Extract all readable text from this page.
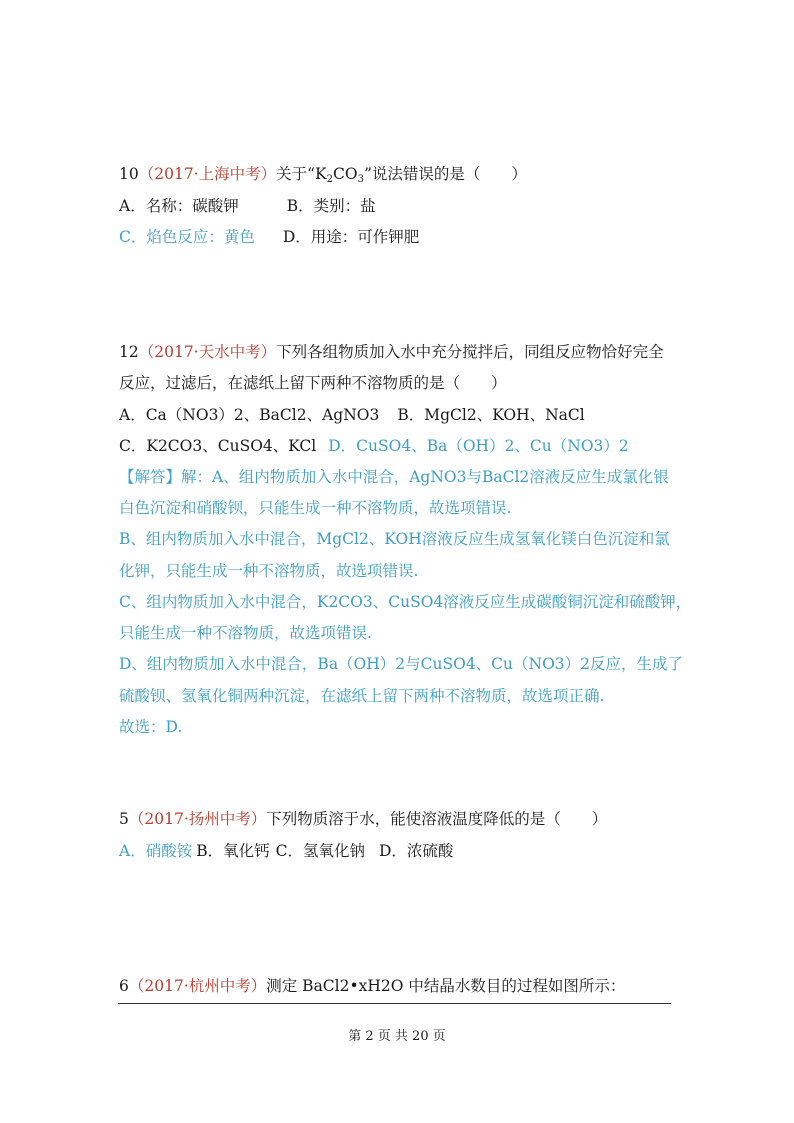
10（2017·上海中考）关于“$K_2CO_3$”说法错误的是（　　）
A．名称：碳酸钾	B．类别：盐
C．焰色反应：黄色 D．用途：可作钾肥
12（2017·天水中考）下列各组物质加入水中充分搅拌后，同组反应物恰好完全
反应，过滤后，在滤纸上留下两种不溶物质的是（　　）
A．Ca（NO3）2、BaCl2、AgNO3 B．MgCl2、KOH、NaCl
C．K2CO3、CuSO4、KCl D．CuSO4、Ba（OH）2、Cu（NO3）2
【解答】解：A、组内物质加入水中混合，AgNO3与BaCl2溶液反应生成氯化银
白色沉淀和硝酸钡，只能生成一种不溶物质，故选项错误.
B、组内物质加入水中混合，MgCl2、KOH溶液反应生成氢氧化镁白色沉淀和氯
化钾，只能生成一种不溶物质，故选项错误.
C、组内物质加入水中混合，K2CO3、CuSO4溶液反应生成碳酸铜沉淀和硫酸钾，
只能生成一种不溶物质，故选项错误.
D、组内物质加入水中混合，Ba（OH）2与CuSO4、Cu（NO3）2反应，生成了
硫酸钡、氢氧化铜两种沉淀，在滤纸上留下两种不溶物质，故选项正确.
故选：D.
5（2017·扬州中考）下列物质溶于水，能使溶液温度降低的是（　　）
A．硝酸铵 B．氧化钙 C．氢氧化钠 D．浓硫酸
6（2017·杭州中考）测定 BaCl2•xH2O 中结晶水数目的过程如图所示：
第 2 页 共 20 页
